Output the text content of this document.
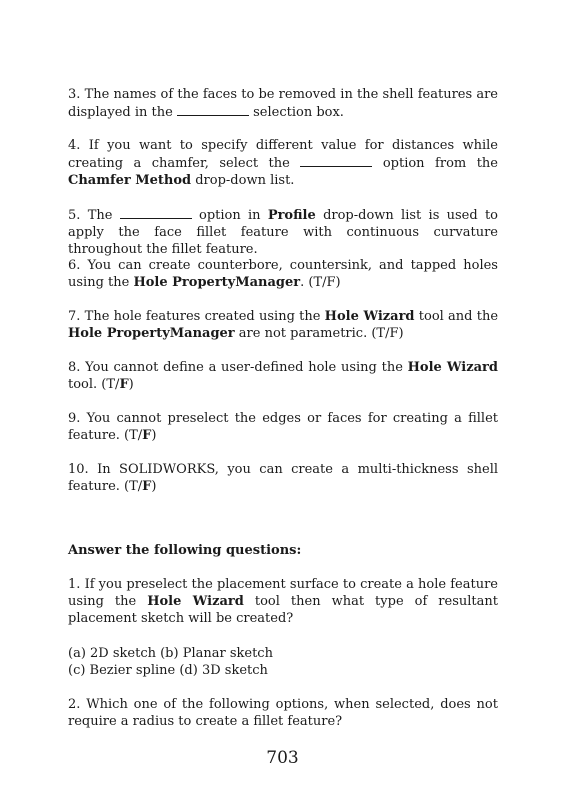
3. The names of the faces to be removed in the shell features are displayed in the	selection box.
4. If you want to specify different value for distances while creating a chamfer, select the	option from the Chamfer Method drop-down list.
5. The	option in Profile drop-down list is used to apply the face fillet feature with continuous curvature throughout the fillet feature.
6. You can create counterbore, countersink, and tapped holes using the Hole PropertyManager. (T/F)
7. The hole features created using the Hole Wizard tool and the Hole PropertyManager are not parametric. (T/F)
8. You cannot define a user-defined hole using the Hole Wizard tool. (T/F)
9. You cannot preselect the edges or faces for creating a fillet feature. (T/F)
10. In SOLIDWORKS, you can create a multi-thickness shell feature. (T/F)
Answer the following questions:
1. If you preselect the placement surface to create a hole feature using the Hole Wizard tool then what type of resultant placement sketch will be created?
(a) 2D sketch (b) Planar sketch
(c) Bezier spline (d) 3D sketch
2. Which one of the following options, when selected, does not require a radius to create a fillet feature?
703
